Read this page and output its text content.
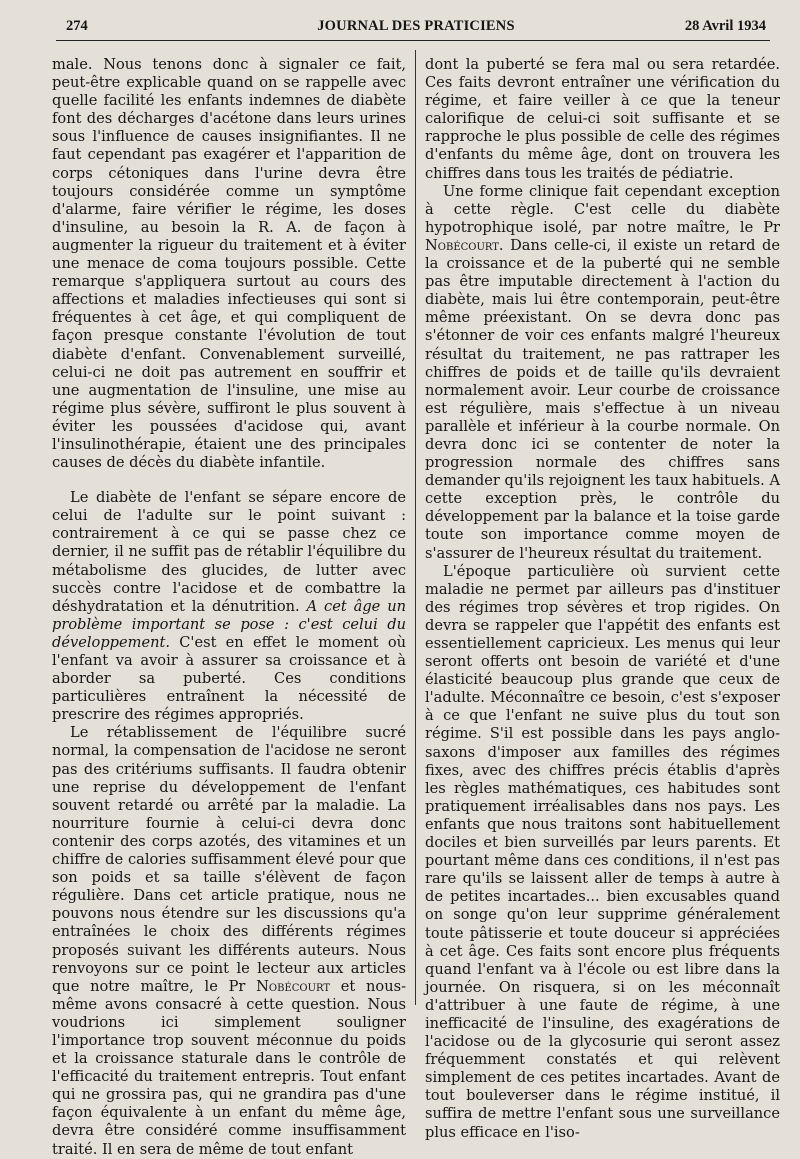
274	JOURNAL DES PRATICIENS	28 Avril 1934

male. Nous tenons donc à signaler ce fait, peut-être explicable quand on se rappelle avec quelle facilité les enfants indemnes de diabète font des décharges d'acétone dans leurs urines sous l'influence de causes insignifiantes. Il ne faut cependant pas exagérer et l'apparition de corps cétoniques dans l'urine devra être toujours considérée comme un symptôme d'alarme, faire vérifier le régime, les doses d'insuline, au besoin la R. A. de façon à augmenter la rigueur du traitement et à éviter une menace de coma toujours possible. Cette remarque s'appliquera surtout au cours des affections et maladies infectieuses qui sont si fréquentes à cet âge, et qui compliquent de façon presque constante l'évolution de tout diabète d'enfant. Convenablement surveillé, celui-ci ne doit pas autrement en souffrir et une augmentation de l'insuline, une mise au régime plus sévère, suffiront le plus souvent à éviter les poussées d'acidose qui, avant l'insulinothérapie, étaient une des principales causes de décès du diabète infantile.

Le diabète de l'enfant se sépare encore de celui de l'adulte sur le point suivant : contrairement à ce qui se passe chez ce dernier, il ne suffit pas de rétablir l'équilibre du métabolisme des glucides, de lutter avec succès contre l'acidose et de combattre la déshydratation et la dénutrition. A cet âge un problème important se pose : c'est celui du développement. C'est en effet le moment où l'enfant va avoir à assurer sa croissance et à aborder sa puberté. Ces conditions particulières entraînent la nécessité de prescrire des régimes appropriés.

Le rétablissement de l'équilibre sucré normal, la compensation de l'acidose ne seront pas des critériums suffisants. Il faudra obtenir une reprise du développement de l'enfant souvent retardé ou arrêté par la maladie. La nourriture fournie à celui-ci devra donc contenir des corps azotés, des vitamines et un chiffre de calories suffisamment élevé pour que son poids et sa taille s'élèvent de façon régulière. Dans cet article pratique, nous ne pouvons nous étendre sur les discussions qu'a entraînées le choix des différents régimes proposés suivant les différents auteurs. Nous renvoyons sur ce point le lecteur aux articles que notre maître, le Pr Nobécourt et nous-même avons consacré à cette question. Nous voudrions ici simplement souligner l'importance trop souvent méconnue du poids et la croissance staturale dans le contrôle de l'efficacité du traitement entrepris. Tout enfant qui ne grossira pas, qui ne grandira pas d'une façon équivalente à un enfant du même âge, devra être considéré comme insuffisamment traité. Il en sera de même de tout enfant

dont la puberté se fera mal ou sera retardée. Ces faits devront entraîner une vérification du régime, et faire veiller à ce que la teneur calorifique de celui-ci soit suffisante et se rapproche le plus possible de celle des régimes d'enfants du même âge, dont on trouvera les chiffres dans tous les traités de pédiatrie.

Une forme clinique fait cependant exception à cette règle. C'est celle du diabète hypotrophique isolé, par notre maître, le Pr Nobécourt. Dans celle-ci, il existe un retard de la croissance et de la puberté qui ne semble pas être imputable directement à l'action du diabète, mais lui être contemporain, peut-être même préexistant. On se devra donc pas s'étonner de voir ces enfants malgré l'heureux résultat du traitement, ne pas rattraper les chiffres de poids et de taille qu'ils devraient normalement avoir. Leur courbe de croissance est régulière, mais s'effectue à un niveau parallèle et inférieur à la courbe normale. On devra donc ici se contenter de noter la progression normale des chiffres sans demander qu'ils rejoignent les taux habituels. A cette exception près, le contrôle du développement par la balance et la toise garde toute son importance comme moyen de s'assurer de l'heureux résultat du traitement.

L'époque particulière où survient cette maladie ne permet par ailleurs pas d'instituer des régimes trop sévères et trop rigides. On devra se rappeler que l'appétit des enfants est essentiellement capricieux. Les menus qui leur seront offerts ont besoin de variété et d'une élasticité beaucoup plus grande que ceux de l'adulte. Méconnaître ce besoin, c'est s'exposer à ce que l'enfant ne suive plus du tout son régime. S'il est possible dans les pays anglo-saxons d'imposer aux familles des régimes fixes, avec des chiffres précis établis d'après les règles mathématiques, ces habitudes sont pratiquement irréalisables dans nos pays. Les enfants que nous traitons sont habituellement dociles et bien surveillés par leurs parents. Et pourtant même dans ces conditions, il n'est pas rare qu'ils se laissent aller de temps à autre à de petites incartades... bien excusables quand on songe qu'on leur supprime généralement toute pâtisserie et toute douceur si appréciées à cet âge. Ces faits sont encore plus fréquents quand l'enfant va à l'école ou est libre dans la journée. On risquera, si on les méconnaît d'attribuer à une faute de régime, à une inefficacité de l'insuline, des exagérations de l'acidose ou de la glycosurie qui seront assez fréquemment constatés et qui relèvent simplement de ces petites incartades. Avant de tout bouleverser dans le régime institué, il suffira de mettre l'enfant sous une surveillance plus efficace en l'iso-
